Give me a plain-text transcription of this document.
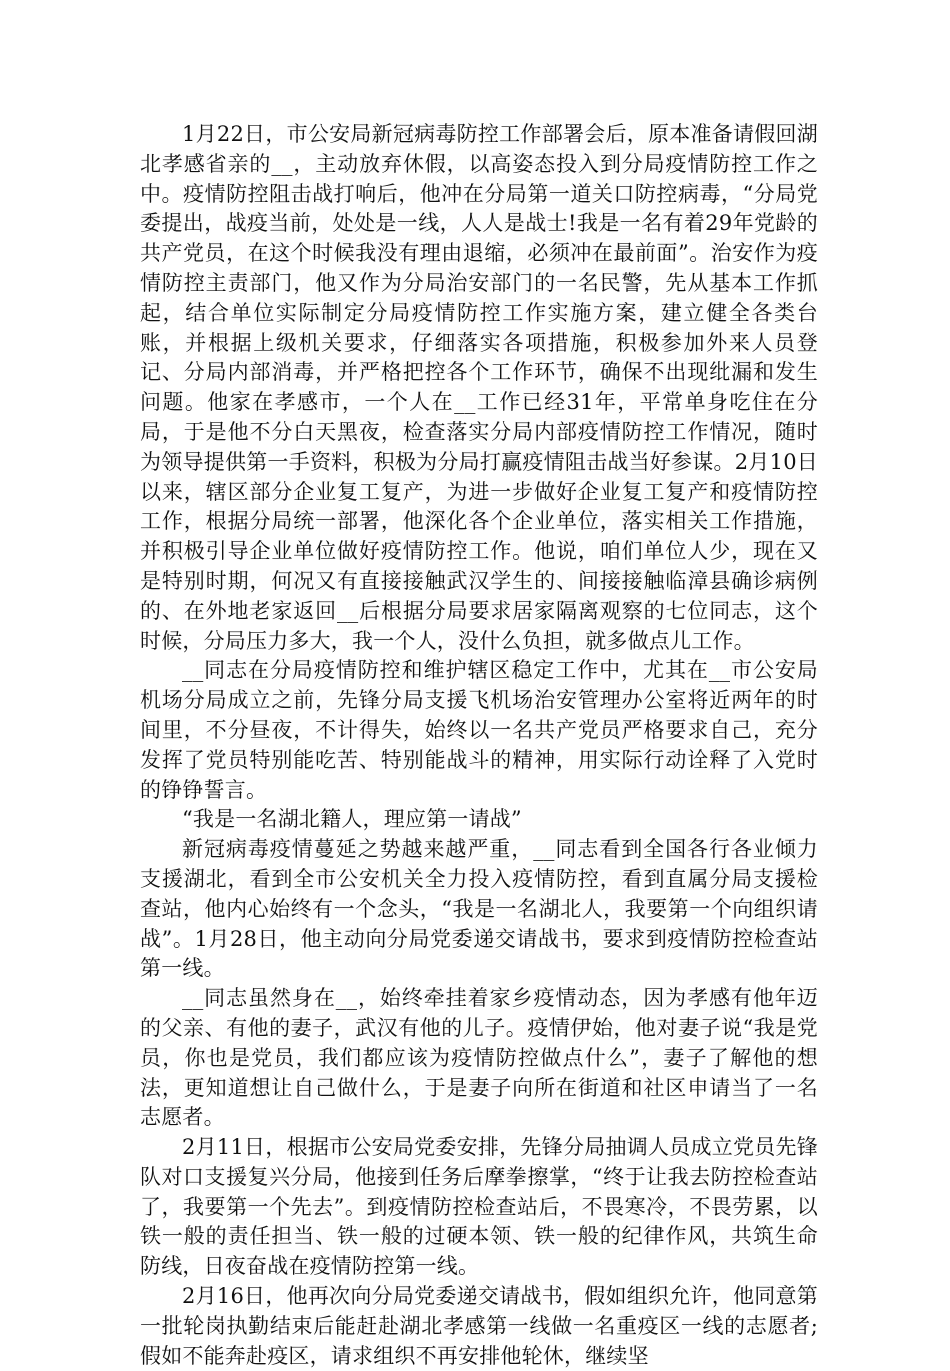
1月22日，市公安局新冠病毒防控工作部署会后，原本准备请假回湖北孝感省亲的__，主动放弃休假，以高姿态投入到分局疫情防控工作之中。疫情防控阻击战打响后，他冲在分局第一道关口防控病毒，“分局党委提出，战疫当前，处处是一线，人人是战士!我是一名有着29年党龄的共产党员，在这个时候我没有理由退缩，必须冲在最前面”。治安作为疫情防控主责部门，他又作为分局治安部门的一名民警，先从基本工作抓起，结合单位实际制定分局疫情防控工作实施方案，建立健全各类台账，并根据上级机关要求，仔细落实各项措施，积极参加外来人员登记、分局内部消毒，并严格把控各个工作环节，确保不出现纰漏和发生问题。他家在孝感市，一个人在__工作已经31年，平常单身吃住在分局，于是他不分白天黑夜，检查落实分局内部疫情防控工作情况，随时为领导提供第一手资料，积极为分局打赢疫情阻击战当好参谋。2月10日以来，辖区部分企业复工复产，为进一步做好企业复工复产和疫情防控工作，根据分局统一部署，他深化各个企业单位，落实相关工作措施，并积极引导企业单位做好疫情防控工作。他说，咱们单位人少，现在又是特别时期，何况又有直接接触武汉学生的、间接接触临漳县确诊病例的、在外地老家返回__后根据分局要求居家隔离观察的七位同志，这个时候，分局压力多大，我一个人，没什么负担，就多做点儿工作。

__同志在分局疫情防控和维护辖区稳定工作中，尤其在__市公安局机场分局成立之前，先锋分局支援飞机场治安管理办公室将近两年的时间里，不分昼夜，不计得失，始终以一名共产党员严格要求自己，充分发挥了党员特别能吃苦、特别能战斗的精神，用实际行动诠释了入党时的铮铮誓言。

“我是一名湖北籍人，理应第一请战”

新冠病毒疫情蔓延之势越来越严重，__同志看到全国各行各业倾力支援湖北，看到全市公安机关全力投入疫情防控，看到直属分局支援检查站，他内心始终有一个念头，“我是一名湖北人，我要第一个向组织请战”。1月28日，他主动向分局党委递交请战书，要求到疫情防控检查站第一线。

__同志虽然身在__，始终牵挂着家乡疫情动态，因为孝感有他年迈的父亲、有他的妻子，武汉有他的儿子。疫情伊始，他对妻子说“我是党员，你也是党员，我们都应该为疫情防控做点什么”，妻子了解他的想法，更知道想让自己做什么，于是妻子向所在街道和社区申请当了一名志愿者。

2月11日，根据市公安局党委安排，先锋分局抽调人员成立党员先锋队对口支援复兴分局，他接到任务后摩拳擦掌，“终于让我去防控检查站了，我要第一个先去”。到疫情防控检查站后，不畏寒冷，不畏劳累，以铁一般的责任担当、铁一般的过硬本领、铁一般的纪律作风，共筑生命防线，日夜奋战在疫情防控第一线。

2月16日，他再次向分局党委递交请战书，假如组织允许，他同意第一批轮岗执勤结束后能赶赴湖北孝感第一线做一名重疫区一线的志愿者;假如不能奔赴疫区，请求组织不再安排他轮休，继续坚
